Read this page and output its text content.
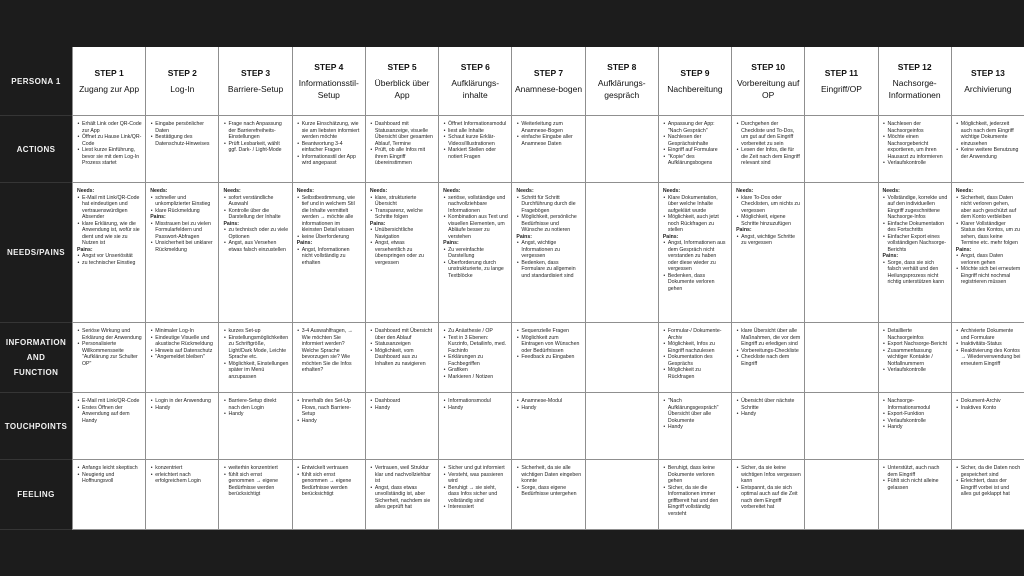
PERSONA 1
ACTIONS
NEEDS/PAINS
INFORMATION
AND
FUNCTION
TOUCHPOINTS
FEELING
STEP 1
Zugang zur App
• Erhält Link oder QR-Code zur App
• Öffnet zu Hause Link/QR-Code
• Liest kurze Einführung, bevor sie mit dem Log-In Prozess startet
Needs:
• E-Mail mit Link/QR-Code hat eindeutigen und vertrauenswürdigen Absender
• klare Erklärung, wie die Anwendung ist, wofür sie dient und wie sie zu Nutzen ist
Pains:
• Angst vor Unseriösität
• zu technischer Einstieg
• Seriöse Wirkung und Erklärung der Anwendung
• Personalisierte Willkommensseite "Aufklärung zur Schulter OP"
• E-Mail mit Link/QR-Code
• Erstes Öffnen der Anwendung auf dem Handy
• Anfangs leicht skeptisch
• Neugierig und Hoffnungsvoll
STEP 2
Log-In
• Eingabe persönlicher Daten
• Bestätigung des Datenschutz-Hinweises
Needs:
• schneller und unkomplizierter Einstieg
• klare Rückmeldung
Pains:
• Misstrauen bei zu vielen Formularfeldern und Passwort-Abfragen
• Unsicherheit bei unklarer Rückmeldung
• Minimaler Log-In
• Eindeutige Visuelle und akustische Rückmeldung
• Hinweis auf Datenschutz
• "Angemeldet bleiben"
• Login in der Anwendung
• Handy
• konzentriert
• erleichtert nach erfolgreichem Login
STEP 3
Barriere-Setup
• Frage nach Anpassung der Barrierefreiheits-Einstellungen
• Prüft Lesbarkeit, wählt ggf. Dark- / Light-Mode
Needs:
• sofort verständliche Auswahl
• Kontrolle über die Darstellung der Inhalte
Pains:
• zu technisch oder zu viele Optionen
• Angst, aus Versehen etwas falsch einzustellen
• kurzes Set-up
• Einstellungsmöglichkeiten zu Schriftgröße, Light/Dark Mode, Leichte Sprache etc.
• Möglichkeit, Einstellungen später im Menü anzupassen
• Barriere-Setup direkt nach den Login
• Handy
• weiterhin konzentriert
• fühlt sich ernst genommen → eigene Bedürfnisse werden berücksichtigt
STEP 4
Informationsstil-Setup
• Kurze Einschätzung, wie sie am liebsten informiert werden möchte
• Beantwortung 3-4 einfacher Fragen
• Informationsstil der App wird angepasst
Needs:
• Selbstbestimmung, wie tief und in welchem Stil die Inhalte vermittelt werden → möchte alle informationen im kleinsten Detail wissen
• keine Überforderung
Pains:
• Angst, Informationen nicht vollständig zu erhalten
• 3-4 Auswahlfragen, → Wie möchten Sie informiert werden? Welche Sprache bevorzugen sie? Wie möchten Sie die Infos erhalten?
• Innerhalb des Set-Up Flows, nach Barriere-Setup
• Handy
• Entwickelt vertrauen
• fühlt sich ernst genommen → eigene Bedürfnisse werden berücksichtigt
STEP 5
Überblick über App
• Dashboard mit Statusanzeige, visuelle Übersicht über gesamten Ablauf, Termine
• Prüft, ob alle Infos mit ihrem Eingriff übereinstimmen
Needs:
• klare, strukturierte Übersicht
• Transparenz, welche Schritte folgen
Pains:
• Unübersichtliche Navigation
• Angst, etwas versehentlich zu überspringen oder zu vergessen
• Dashboard mit Übersicht über den Ablauf
• Statusanzeigen
• Möglichkeit, vom Dashboard aus zu Inhalten zu navigieren
• Dashboard
• Handy
• Vertrauen, weil Struktur klar und nachvollziehbar ist
• Angst, dass etwas unvollständig ist, aber Sicherheit, nachdem sie alles geprüft hat
STEP 6
Aufklärungs-inhalte
• Öffnet Informationsmodul
• liest alle Inhalte
• Schaut kurze Erklär-Videos/Illustrationen
• Markiert Stellen oder notiert Fragen
Needs:
• seriöse, vollständige und nachvollziehbare Informationen
• Kombination aus Text und visuellen Elementen, um Abläufe besser zu verstehen
Pains:
• Zu vereinfachte Darstellung
• Überforderung durch unstrukturierte, zu lange Textblöcke
• Zu Anästhesie / OP
• Text in 3 Ebenen: Kurzinfo, Detailinfo, med. Fachinfo
• Erklärungen zu Fachbegriffen
• Grafiken
• Markieren / Notizen
• Informationsmodul
• Handy
• Sicher und gut informiert
• Versteht, was passieren wird
• Beruhigt → sie sieht, dass Infos sicher und vollständig sind
• Interessiert
STEP 7
Anamnese-bogen
• Weiterleitung zum Anamnese-Bogen
• einfache Eingabe aller Anamnese Daten
Needs:
• Schritt für Schritt Durchführung durch die Fragebögen
• Möglichkeit, persönliche Bedürfnisse und Wünsche zu notieren
Pains:
• Angst, wichtige Informationen zu vergessen
• Bedenken, dass Formulare zu allgemein und standardisiert sind
• Sequenzielle Fragen
• Möglichkeit zum Eintragen von Wünschen oder Bedürfnissen
• Feedback zu Eingaben
• Anamnese-Modul
• Handy
• Sicherheit, da sie alle wichtigen Daten eingeben konnte
• Sorge, dass eigene Bedürfnisse untergehen
STEP 8
Aufklärungs-gespräch
STEP 9
Nachbereitung
• Anpassung der App: "Nach Gespräch"
• Nachlesen der Gesprächsinhalte
• Eingriff auf Formulare
• "Kopie" des Aufklärungsbogens
Needs:
• Klare Dokumentation, über welche Inhalte aufgeklärt wurde
• Möglichkeit, auch jetzt noch Rückfragen zu stellen
Pains:
• Angst, Informationen aus dem Gespräch nicht verstanden zu haben oder diese wieder zu vergessen
• Bedenken, dass Dokumente verloren gehen
• Formular-/ Dokumente-Archiv
• Möglichkeit, Infos zu Eingriff nachzulesen
• Dokumentation des Gesprächs
• Möglichkeit zu Rückfragen
• "Nach Aufklärungsgespräch" Übersicht über alle Dokumente
• Handy
• Beruhigt, dass keine Dokumente verloren gehen
• Sicher, da sie die Informationen immer griffbereit hat und den Eingriff vollständig versteht
STEP 10
Vorbereitung auf OP
• Durchgehen der Checkliste und To-Dos, um gut auf den Eingriff vorbereitet zu sein
• Lesen der Infos, die für die Zeit nach dem Eingriff relevant sind
Needs:
• klare To-Dos oder Checklisten, um nichts zu vergessen
• Möglichkeit, eigene Schritte hinzuzufügen
Pains:
• Angst, wichtige Schritte zu vergessen
• klare Übersicht über alle Maßnahmen, die vor dem Eingriff zu erledigen sind
• Vorbereitungs-Checkliste
• Checkliste nach dem Eingriff
• Übersicht über nächste Schritte
• Handy
• Sicher, da sie keine wichtigen Infos vergessen kann
• Entspannt, da sie sich optimal auch auf die Zeit nach dem Eingriff vorbereitet hat
STEP 11
Eingriff/OP
STEP 12
Nachsorge-Informationen
• Nachlesen der Nachsorgeinfos
• Möchte einen Nachsorgebericht exportieren, um ihren Hausarzt zu informieren
• Verlaufskontrolle
Needs:
• Vollständige, korrekte und auf den individuellen Eingriff zugeschnittene Nachsorge-Infos
• Einfache Dokumentation des Fortschritts
• Einfacher Export eines vollständigen Nachsorge-Berichts
Pains:
• Sorge, dass sie sich falsch verhält und den Heilungsprozess nicht richtig unterstützen kann
• Detaillierte Nachsorgeinfos
• Export Nachsorge-Bericht
• Zusammenfassung wichtiger Kontakte / Notfallnummern
• Verlaufskontrolle
• Nachsorge-Informationsmodul
• Export-Funktion
• Verlaufskontrolle
• Handy
• Unterstützt, auch nach dem Eingriff
• Fühlt sich nicht alleine gelassen
STEP 13
Archivierung
• Möglichkeit, jederzeit auch nach dem Eingriff wichtige Dokumente einzusehen
• Keine weitere Benutzung der Anwendung
Needs:
• Sicherheit, dass Daten nicht verloren gehen, aber auch geschützt auf dem Konto verbleiben
• Klarer Vollständiger Status des Kontos, um zu sehen, dass keine Termine etc. mehr folgen
Pains:
• Angst, dass Daten verloren gehen
• Möchte sich bei erneutem Eingriff nicht nochmal registrieren müssen
• Archivierte Dokumente und Formulare
• Inaktivitäts-Status
• Reaktivierung des Kontos → Wiederverwendung bei erneutem Eingriff
• Dokument-Archiv
• Inaktives Konto
• Sicher, da die Daten noch gespeichert sind
• Erleichtert, dass der Eingriff vorbei ist und alles gut geklappt hat
